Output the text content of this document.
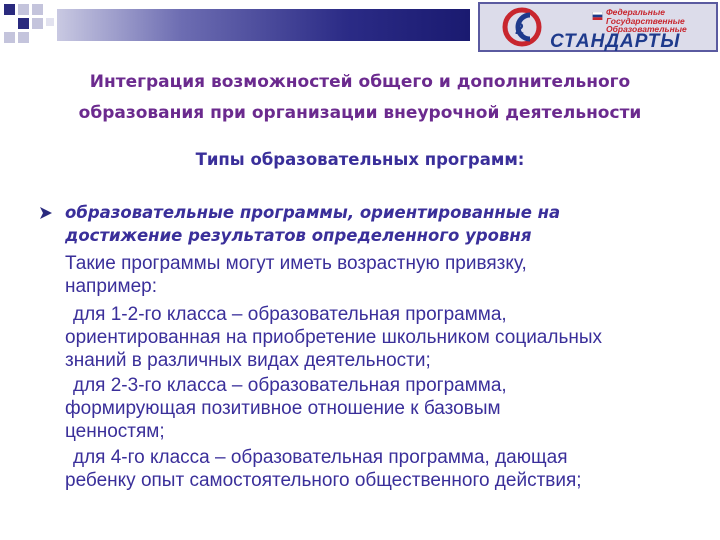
2
Федеральные
Государственные
Образовательные
СТАНДАРТЫ
Интеграция возможностей общего и дополнительного
образования при организации внеурочной деятельности
Типы образовательных программ:
образовательные программы, ориентированные на
достижение результатов определенного уровня
Такие программы могут иметь возрастную привязку,
например:
для 1-2-го класса – образовательная программа,
ориентированная на приобретение школьником социальных
знаний в различных видах деятельности;
для 2-3-го класса – образовательная программа,
формирующая позитивное отношение к базовым
ценностям;
для 4-го класса – образовательная программа, дающая
ребенку опыт самостоятельного общественного действия;
